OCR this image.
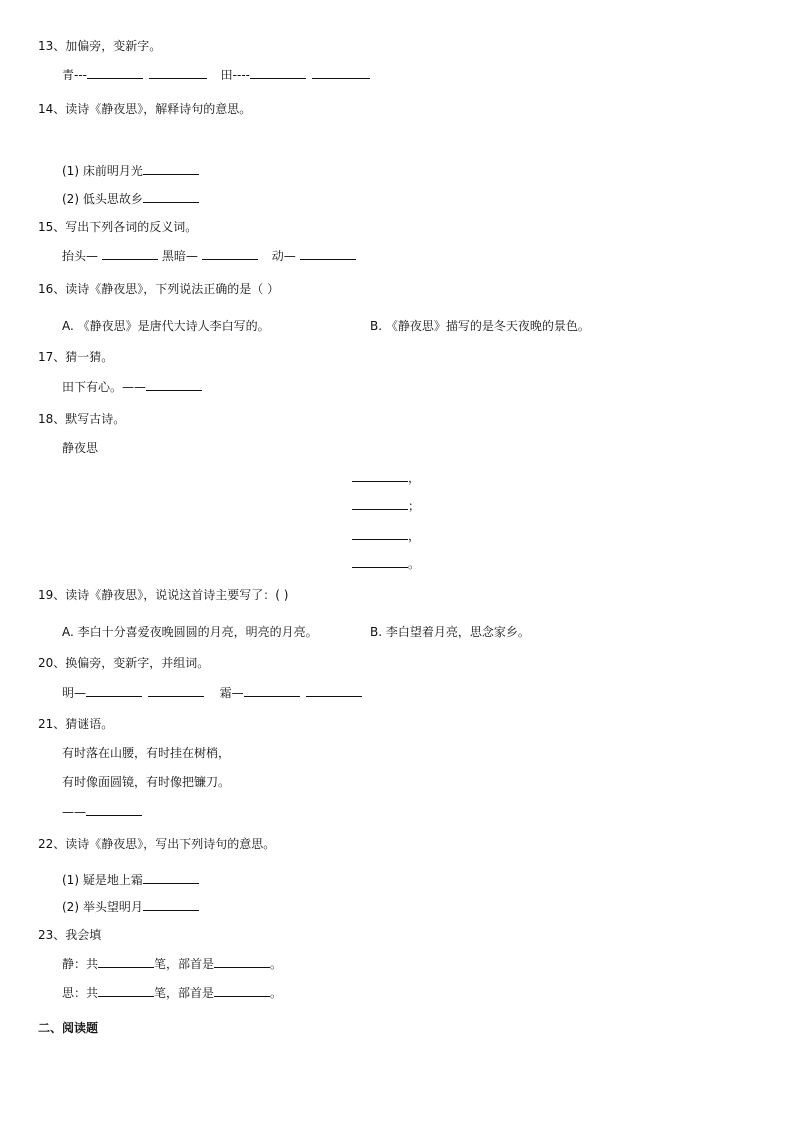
13、加偏旁，变新字。
青---	田----
14、读诗《静夜思》，解释诗句的意思。
(1) 床前明月光
(2) 低头思故乡
15、写出下列各词的反义词。
抬头—	黑暗—	动—
16、读诗《静夜思》，下列说法正确的是（ ）
A. 《静夜思》是唐代大诗人李白写的。	B. 《静夜思》描写的是冬天夜晚的景色。
17、猜一猜。
田下有心。——
18、默写古诗。
静夜思
，
；
，
。
19、读诗《静夜思》，说说这首诗主要写了：( )
A. 李白十分喜爱夜晚圆圆的月亮，明亮的月亮。	B. 李白望着月亮，思念家乡。
20、换偏旁，变新字，并组词。
明—	霜—
21、猜谜语。
有时落在山腰，有时挂在树梢，
有时像面圆镜，有时像把镰刀。
——
22、读诗《静夜思》，写出下列诗句的意思。
(1) 疑是地上霜
(2) 举头望明月
23、我会填
静：共	笔，部首是	。
思：共	笔，部首是	。
二、阅读题
